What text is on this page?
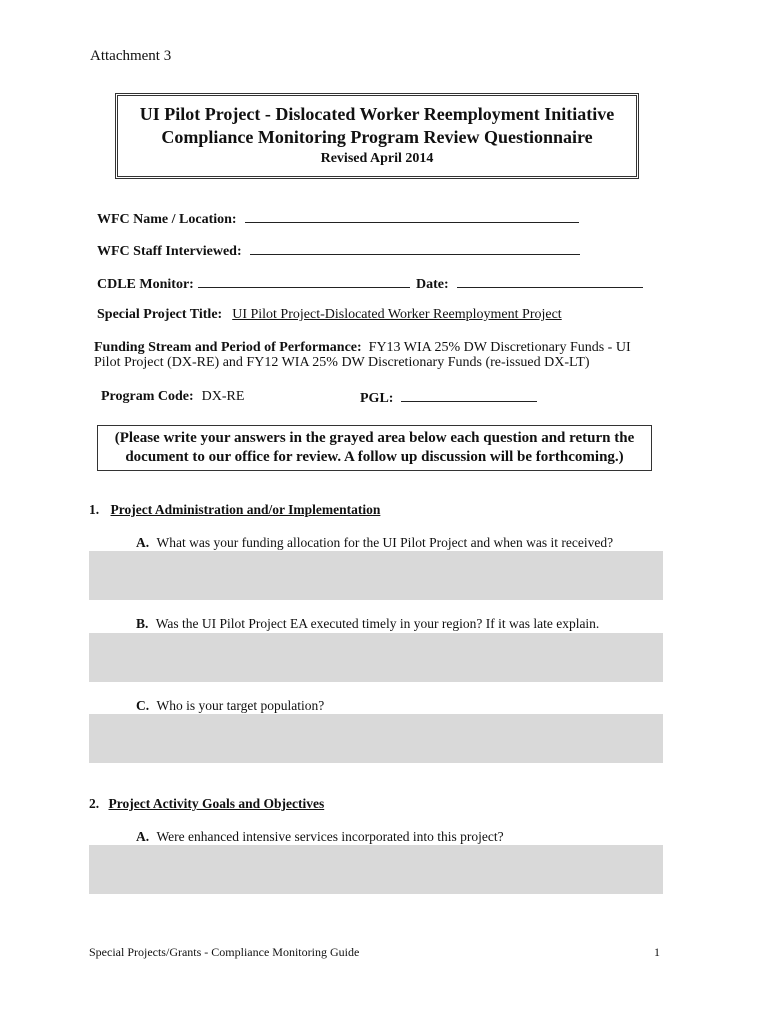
Attachment 3
UI Pilot Project - Dislocated Worker Reemployment Initiative
Compliance Monitoring Program Review Questionnaire
Revised April 2014
WFC Name / Location:
WFC Staff Interviewed:
CDLE Monitor:	Date:
Special Project Title: UI Pilot Project-Dislocated Worker Reemployment Project
Funding Stream and Period of Performance: FY13 WIA 25% DW Discretionary Funds - UI
Pilot Project (DX-RE) and FY12 WIA 25% DW Discretionary Funds (re-issued DX-LT)
Program Code: DX-RE	PGL:
(Please write your answers in the grayed area below each question and return the
document to our office for review. A follow up discussion will be forthcoming.)
1. Project Administration and/or Implementation
A. What was your funding allocation for the UI Pilot Project and when was it received?
B. Was the UI Pilot Project EA executed timely in your region? If it was late explain.
C. Who is your target population?
2. Project Activity Goals and Objectives
A. Were enhanced intensive services incorporated into this project?
Special Projects/Grants - Compliance Monitoring Guide	1
